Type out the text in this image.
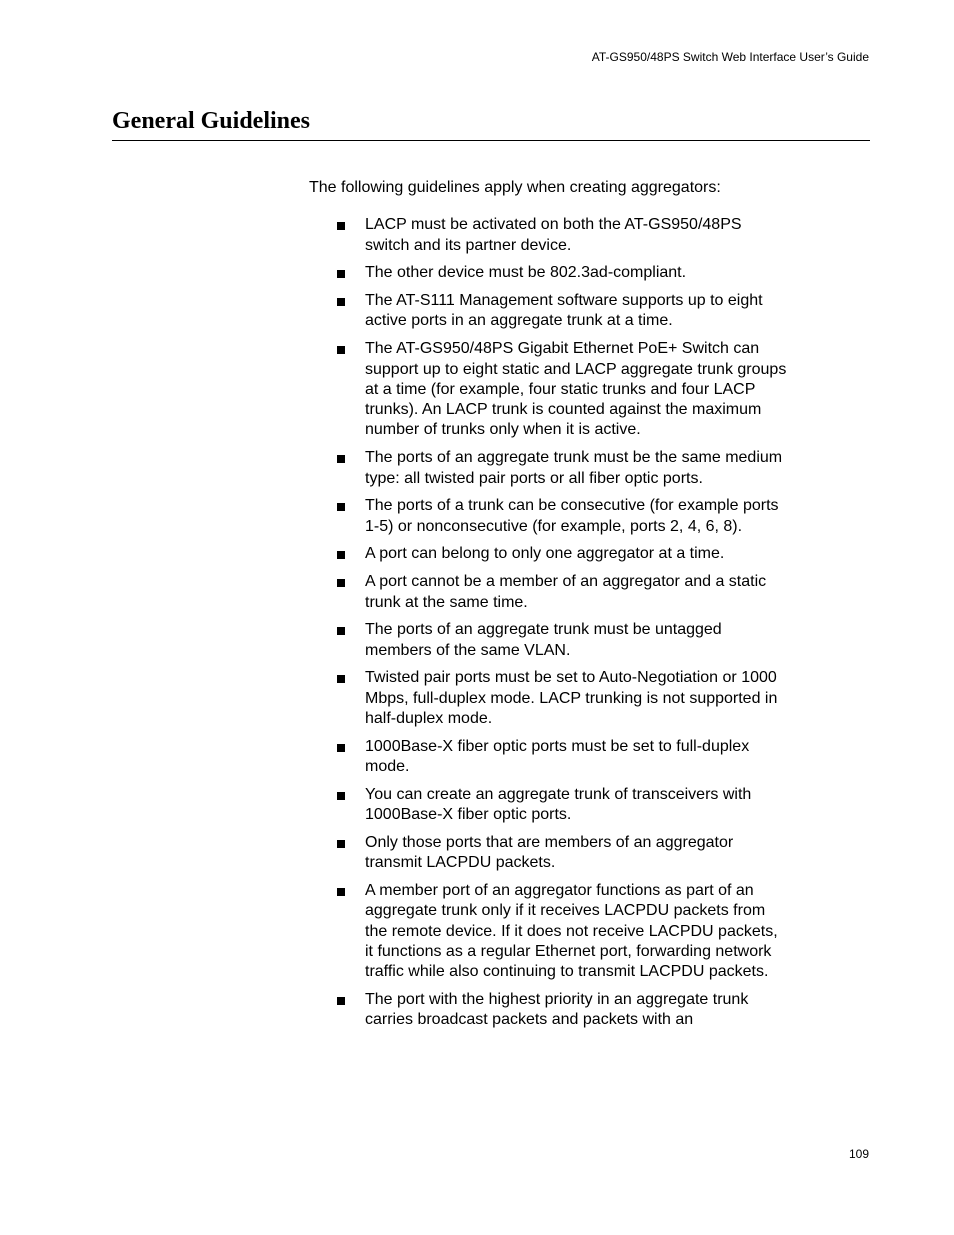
AT-GS950/48PS Switch Web Interface User’s Guide
General Guidelines

The following guidelines apply when creating aggregators:

LACP must be activated on both the AT-GS950/48PS switch and its partner device.
The other device must be 802.3ad-compliant.
The AT-S111 Management software supports up to eight active ports in an aggregate trunk at a time.
The AT-GS950/48PS Gigabit Ethernet PoE+ Switch can support up to eight static and LACP aggregate trunk groups at a time (for example, four static trunks and four LACP trunks). An LACP trunk is counted against the maximum number of trunks only when it is active.
The ports of an aggregate trunk must be the same medium type: all twisted pair ports or all fiber optic ports.
The ports of a trunk can be consecutive (for example ports 1-5) or nonconsecutive (for example, ports 2, 4, 6, 8).
A port can belong to only one aggregator at a time.
A port cannot be a member of an aggregator and a static trunk at the same time.
The ports of an aggregate trunk must be untagged members of the same VLAN.
Twisted pair ports must be set to Auto-Negotiation or 1000 Mbps, full-duplex mode. LACP trunking is not supported in half-duplex mode.
1000Base-X fiber optic ports must be set to full-duplex mode.
You can create an aggregate trunk of transceivers with 1000Base-X fiber optic ports.
Only those ports that are members of an aggregator transmit LACPDU packets.
A member port of an aggregator functions as part of an aggregate trunk only if it receives LACPDU packets from the remote device. If it does not receive LACPDU packets, it functions as a regular Ethernet port, forwarding network traffic while also continuing to transmit LACPDU packets.
The port with the highest priority in an aggregate trunk carries broadcast packets and packets with an
109
